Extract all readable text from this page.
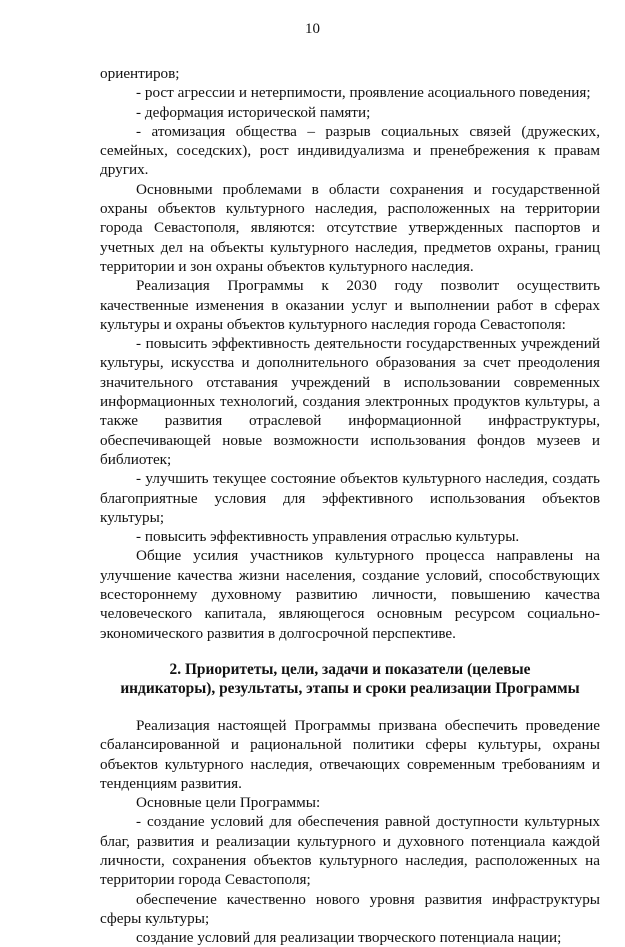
10

ориентиров;

- рост агрессии и нетерпимости, проявление асоциального поведения;

- деформация исторической памяти;

- атомизация общества – разрыв социальных связей (дружеских, семейных, соседских), рост индивидуализма и пренебрежения к правам других.

Основными проблемами в области сохранения и государственной охраны объектов культурного наследия, расположенных на территории города Севастополя, являются: отсутствие утвержденных паспортов и учетных дел на объекты культурного наследия, предметов охраны, границ территории и зон охраны объектов культурного наследия.

Реализация Программы к 2030 году позволит осуществить качественные изменения в оказании услуг и выполнении работ в сферах культуры и охраны объектов культурного наследия города Севастополя:

- повысить эффективность деятельности государственных учреждений культуры, искусства и дополнительного образования за счет преодоления значительного отставания учреждений в использовании современных информационных технологий, создания электронных продуктов культуры, а также развития отраслевой информационной инфраструктуры, обеспечивающей новые возможности использования фондов музеев и библиотек;

- улучшить текущее состояние объектов культурного наследия, создать благоприятные условия для эффективного использования объектов культуры;

- повысить эффективность управления отраслью культуры.

Общие усилия участников культурного процесса направлены на улучшение качества жизни населения, создание условий, способствующих всестороннему духовному развитию личности, повышению качества человеческого капитала, являющегося основным ресурсом социально-экономического развития в долгосрочной перспективе.

2. Приоритеты, цели, задачи и показатели (целевые
индикаторы), результаты, этапы и сроки реализации Программы

Реализация настоящей Программы призвана обеспечить проведение сбалансированной и рациональной политики сферы культуры, охраны объектов культурного наследия, отвечающих современным требованиям и тенденциям развития.

Основные цели Программы:

- создание условий для обеспечения равной доступности культурных благ, развития и реализации культурного и духовного потенциала каждой личности, сохранения объектов культурного наследия, расположенных на территории города Севастополя;

обеспечение качественно нового уровня развития инфраструктуры сферы культуры;

создание условий для реализации творческого потенциала нации;
